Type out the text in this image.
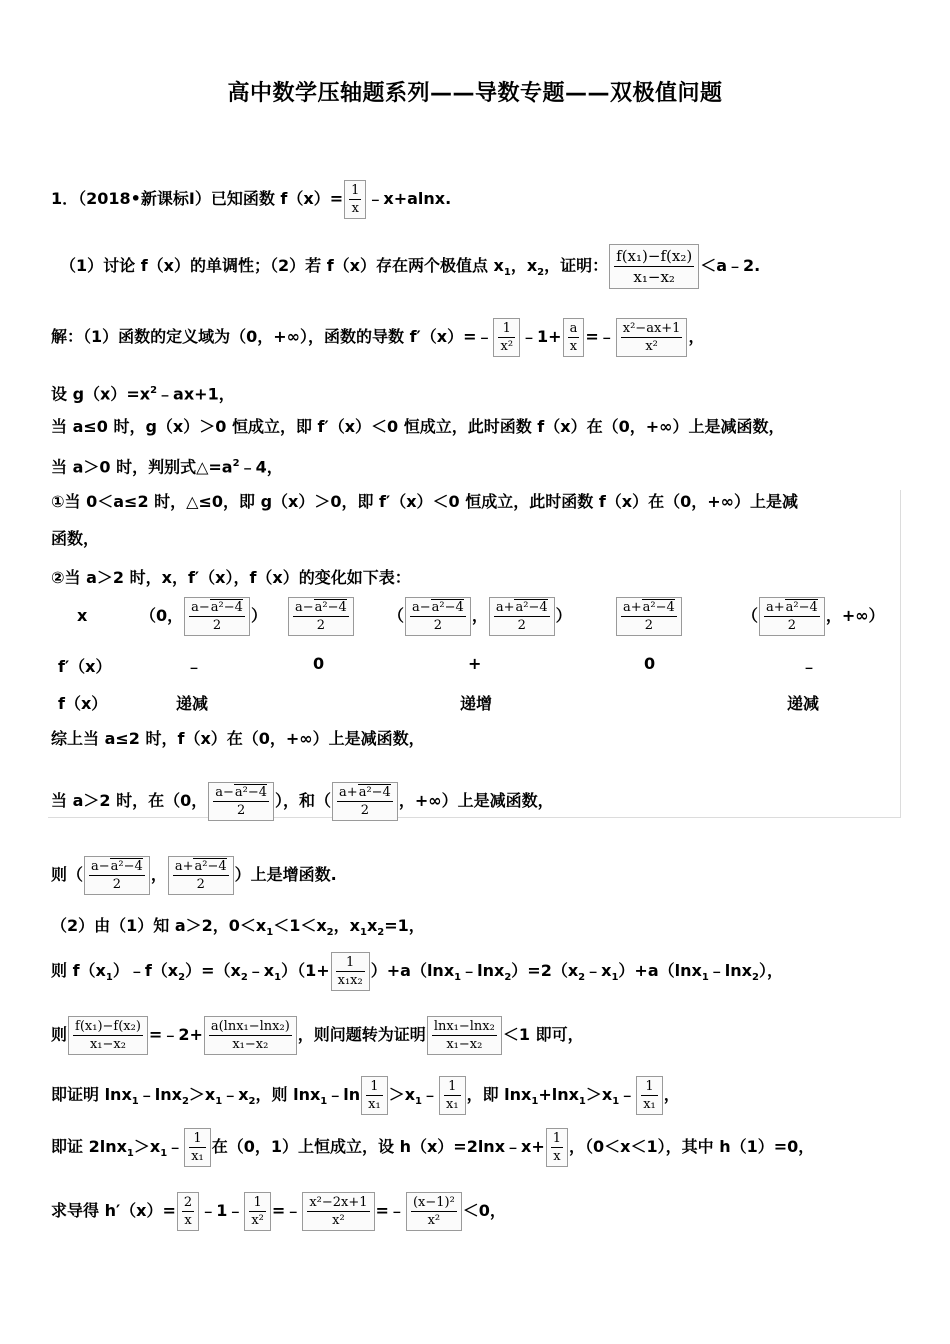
高中数学压轴题系列——导数专题——双极值问题
1．（2018•新课标Ⅰ）已知函数 $f(x)= \frac{1}{x}$ ﹣x+alnx.
（1）讨论 f（x）的单调性；（2）若 f（x）存在两个极值点 $x_1$，$x_2$，证明： $\frac{\text{f(x₁)−f(x₂)}}{\text{x₁−x₂}}$ ＜a﹣2.
解：（1）函数的定义域为（0，+∞），函数的导数 f′（x）=﹣ $\frac{1}{\text{x²}}$ ﹣1+ $\frac{a}{x}$ =﹣ $\frac{\text{x²−ax+1}}{\text{x²}}$ ，
设 $g(x)=x^2﹣ax+1$，
当 a≤0 时，g（x）＞0 恒成立，即 f′（x）＜0 恒成立，此时函数 f（x）在（0，+∞）上是减函数，
当 a＞0 时，判别式$\triangle=a^2﹣4$，
①当 0＜a≤2 时，△≤0，即 g（x）＞0，即 f′（x）＜0 恒成立，此时函数 f（x）在（0，+∞）上是减
函数，
②当 a＞2 时，x，f′（x），f（x）的变化如下表：
x	（0， $\frac{\text{a−a²−4}}{2}$ ） $\frac{\text{a−a²−4}}{2}$ （ $\frac{\text{a−a²−4}}{2}$ ， $\frac{\text{a+a²−4}}{2}$ ）	$\frac{\text{a+a²−4}}{2}$	（ $\frac{\text{a+a²−4}}{2}$ ，+∞）
f′（x）	﹣	0	+	0	﹣
f（x）	递减	递增	递减
综上当 a≤2 时，f（x）在（0，+∞）上是减函数，
当 a＞2 时，在（0， $\frac{\text{a−a²−4}}{2}$ ），和（ $\frac{\text{a+a²−4}}{2}$ ，+∞）上是减函数，
则（ $\frac{\text{a−a²−4}}{2}$ ， $\frac{\text{a+a²−4}}{2}$ ）上是增函数.
（2）由（1）知 a＞2，$0<x_1<1<x_2$，$x_1x_2=1$，
则 $f(x_1)﹣f(x_2)=(x_2﹣x_1)(1+ \frac{1}{\text{x₁x₂}}$ ）$+a(\ln x_1﹣\ln x_2)=2(x_2﹣x_1)+a(\ln x_1﹣\ln x_2)$，
则 $\frac{\text{f(x₁)−f(x₂)}}{\text{x₁−x₂}}$ =﹣2+ $\frac{\text{a(lnx₁−lnx₂)}}{\text{x₁−x₂}}$ ，则问题转为证明 $\frac{\text{lnx₁−lnx₂}}{\text{x₁−x₂}} <1$ 即可，
即证明 $\ln x_1﹣\ln x_2>x_1﹣x_2$，则 lnx$_1$﹣ln $\frac{1}{\text{x₁}}$ $>x_1﹣ \frac{1}{\text{x₁}}$ ，即 $\ln x_1+\ln x_1>x_1﹣ \frac{1}{\text{x₁}}$ ，
即证 $2\ln x_1>x_1﹣ \frac{1}{\text{x₁}}$ 在（0，1）上恒成立，设 h（x）=2lnx﹣x+ $\frac{1}{x}$ ，（0＜x＜1），其中 h（1）=0，
求导得 $h'(x)= \frac{2}{x}$ ﹣1﹣ $\frac{1}{\text{x²}}$ =﹣ $\frac{\text{x²−2x+1}}{\text{x²}}$ =﹣ $\frac{\text{(x−1)²}}{\text{x²}} <0$，
